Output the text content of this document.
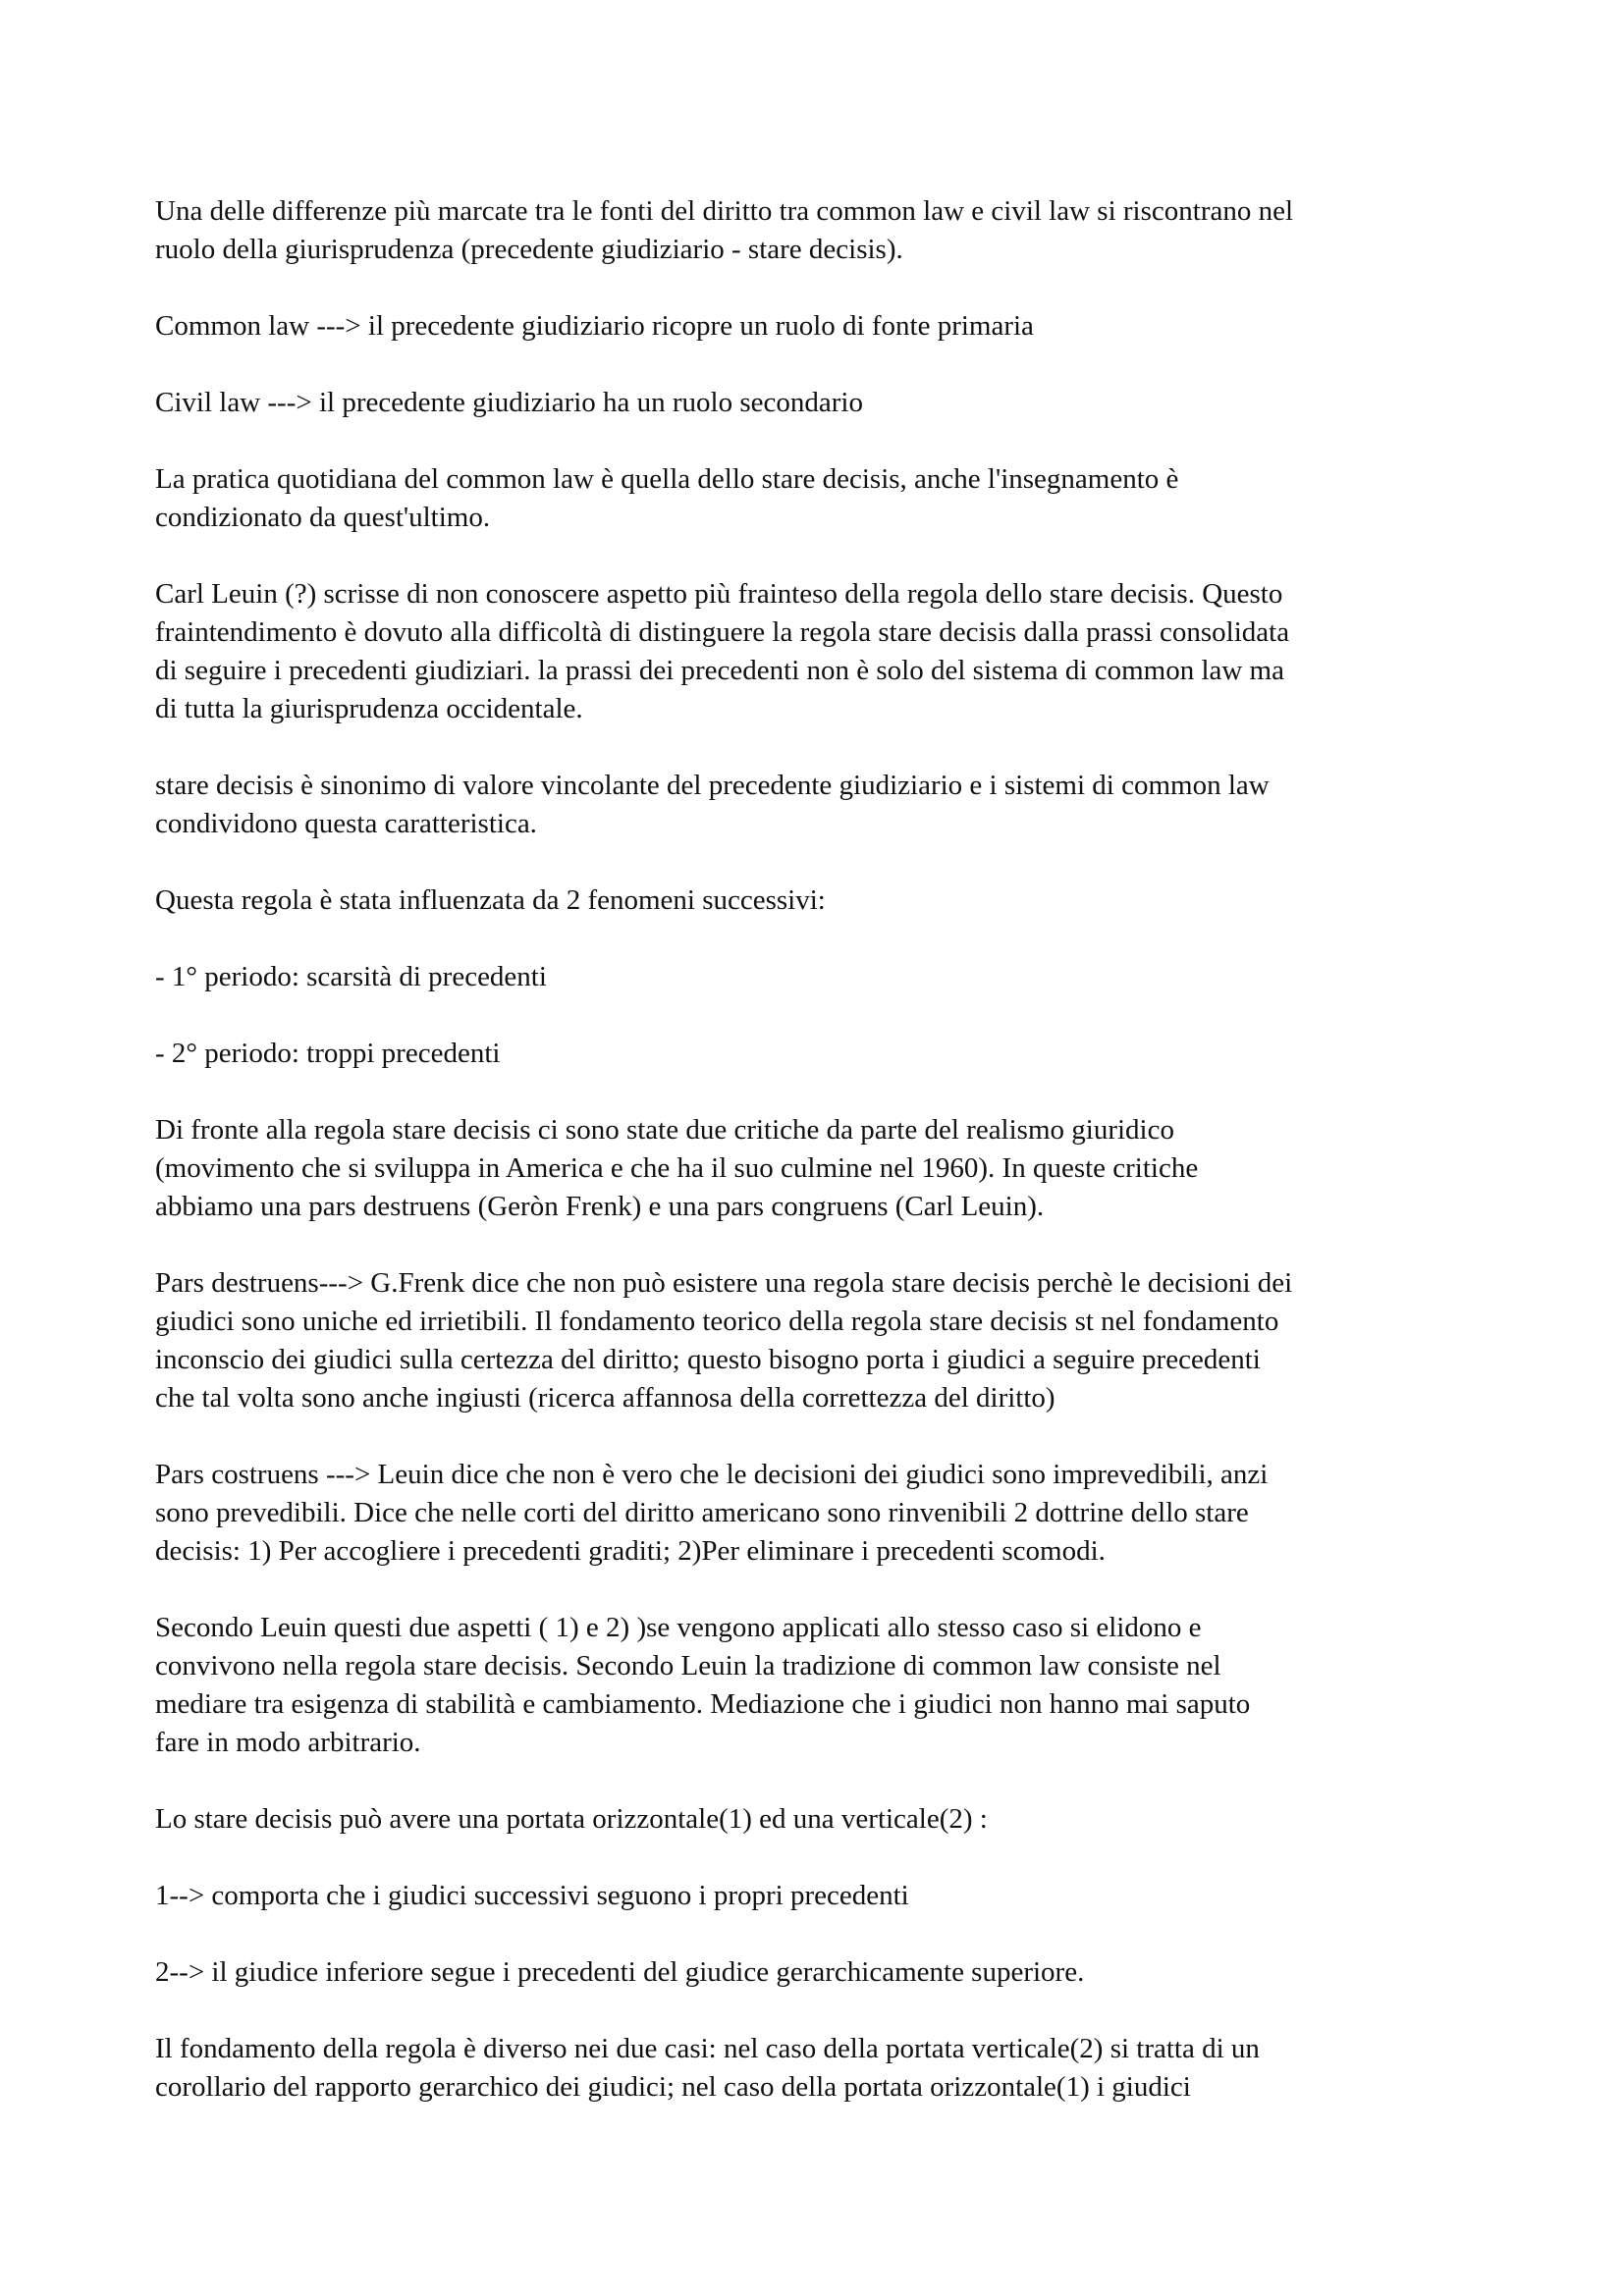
Una delle differenze più marcate tra le fonti del diritto tra common law e civil law si riscontrano nel
ruolo della giurisprudenza (precedente giudiziario - stare decisis).

Common law ---> il precedente giudiziario ricopre un ruolo di fonte primaria

Civil law ---> il precedente giudiziario ha un ruolo secondario

La pratica quotidiana del common law è quella dello stare decisis, anche l'insegnamento è
condizionato da quest'ultimo.

Carl Leuin (?) scrisse di non conoscere aspetto più frainteso della regola dello stare decisis. Questo
fraintendimento è dovuto alla difficoltà di distinguere la regola stare decisis dalla prassi consolidata
di seguire i precedenti giudiziari. la prassi dei precedenti non è solo del sistema di common law ma
di tutta la giurisprudenza occidentale.

stare decisis è sinonimo di valore vincolante del precedente giudiziario e i sistemi di common law
condividono questa caratteristica.

Questa regola è stata influenzata da 2 fenomeni successivi:

- 1° periodo: scarsità di precedenti

- 2° periodo: troppi precedenti

Di fronte alla regola stare decisis ci sono state due critiche da parte del realismo giuridico
(movimento che si sviluppa in America e che ha il suo culmine nel 1960). In queste critiche
abbiamo una pars destruens (Geròn Frenk) e una pars congruens (Carl Leuin).

Pars destruens---> G.Frenk dice che non può esistere una regola stare decisis perchè le decisioni dei
giudici sono uniche ed irrietibili. Il fondamento teorico della regola stare decisis st nel fondamento
inconscio dei giudici sulla certezza del diritto; questo bisogno porta i giudici a seguire precedenti
che tal volta sono anche ingiusti (ricerca affannosa della correttezza del diritto)

Pars costruens ---> Leuin dice che non è vero che le decisioni dei giudici sono imprevedibili, anzi
sono prevedibili. Dice che nelle corti del diritto americano sono rinvenibili 2 dottrine dello stare
decisis: 1) Per accogliere i precedenti graditi; 2)Per eliminare i precedenti scomodi.

Secondo Leuin questi due aspetti ( 1) e 2) )se vengono applicati allo stesso caso si elidono e
convivono nella regola stare decisis. Secondo Leuin la tradizione di common law consiste nel
mediare tra esigenza di stabilità e cambiamento. Mediazione che i giudici non hanno mai saputo
fare in modo arbitrario.

Lo stare decisis può avere una portata orizzontale(1) ed una verticale(2) :

1--> comporta che i giudici successivi seguono i propri precedenti

2--> il giudice inferiore segue i precedenti del giudice gerarchicamente superiore.

Il fondamento della regola è diverso nei due casi: nel caso della portata verticale(2) si tratta di un
corollario del rapporto gerarchico dei giudici; nel caso della portata orizzontale(1) i giudici
